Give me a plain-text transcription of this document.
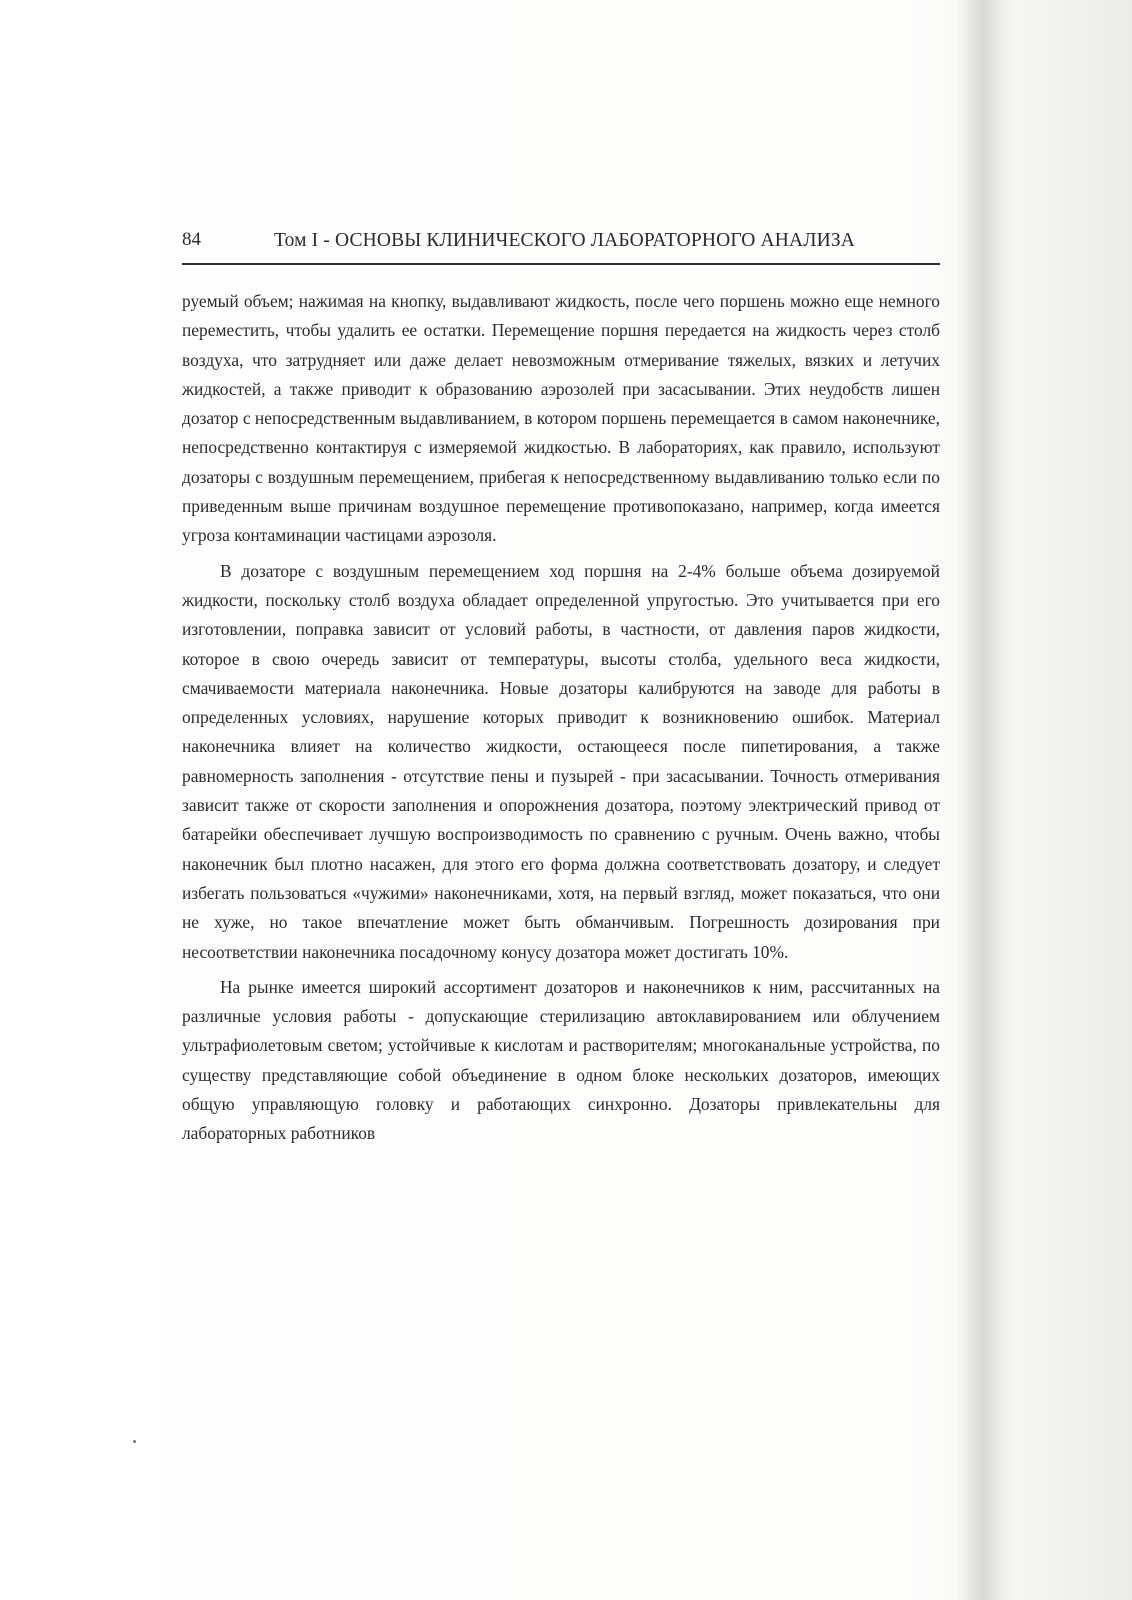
84	Том I - ОСНОВЫ КЛИНИЧЕСКОГО ЛАБОРАТОРНОГО АНАЛИЗА

руемый объем; нажимая на кнопку, выдавливают жидкость, после чего поршень можно еще немного переместить, чтобы удалить ее остатки. Перемещение поршня передается на жидкость через столб воздуха, что затрудняет или даже делает невозможным отмеривание тяжелых, вязких и летучих жидкостей, а также приводит к образованию аэрозолей при засасывании. Этих неудобств лишен дозатор с непосредственным выдавливанием, в котором поршень перемещается в самом наконечнике, непосредственно контактируя с измеряемой жидкостью. В лабораториях, как правило, используют дозаторы с воздушным перемещением, прибегая к непосредственному выдавливанию только если по приведенным выше причинам воздушное перемещение противопоказано, например, когда имеется угроза контаминации частицами аэрозоля.

В дозаторе с воздушным перемещением ход поршня на 2-4% больше объема дозируемой жидкости, поскольку столб воздуха обладает определенной упругостью. Это учитывается при его изготовлении, поправка зависит от условий работы, в частности, от давления паров жидкости, которое в свою очередь зависит от температуры, высоты столба, удельного веса жидкости, смачиваемости материала наконечника. Новые дозаторы калибруются на заводе для работы в определенных условиях, нарушение которых приводит к возникновению ошибок. Материал наконечника влияет на количество жидкости, остающееся после пипетирования, а также равномерность заполнения - отсутствие пены и пузырей - при засасывании. Точность отмеривания зависит также от скорости заполнения и опорожнения дозатора, поэтому электрический привод от батарейки обеспечивает лучшую воспроизводимость по сравнению с ручным. Очень важно, чтобы наконечник был плотно насажен, для этого его форма должна соответствовать дозатору, и следует избегать пользоваться «чужими» наконечниками, хотя, на первый взгляд, может показаться, что они не хуже, но такое впечатление может быть обманчивым. Погрешность дозирования при несоответствии наконечника посадочному конусу дозатора может достигать 10%.

На рынке имеется широкий ассортимент дозаторов и наконечников к ним, рассчитанных на различные условия работы - допускающие стерилизацию автоклавированием или облучением ультрафиолетовым светом; устойчивые к кислотам и растворителям; многоканальные устройства, по существу представляющие собой объединение в одном блоке нескольких дозаторов, имеющих общую управляющую головку и работающих синхронно. Дозаторы привлекательны для лабораторных работников
